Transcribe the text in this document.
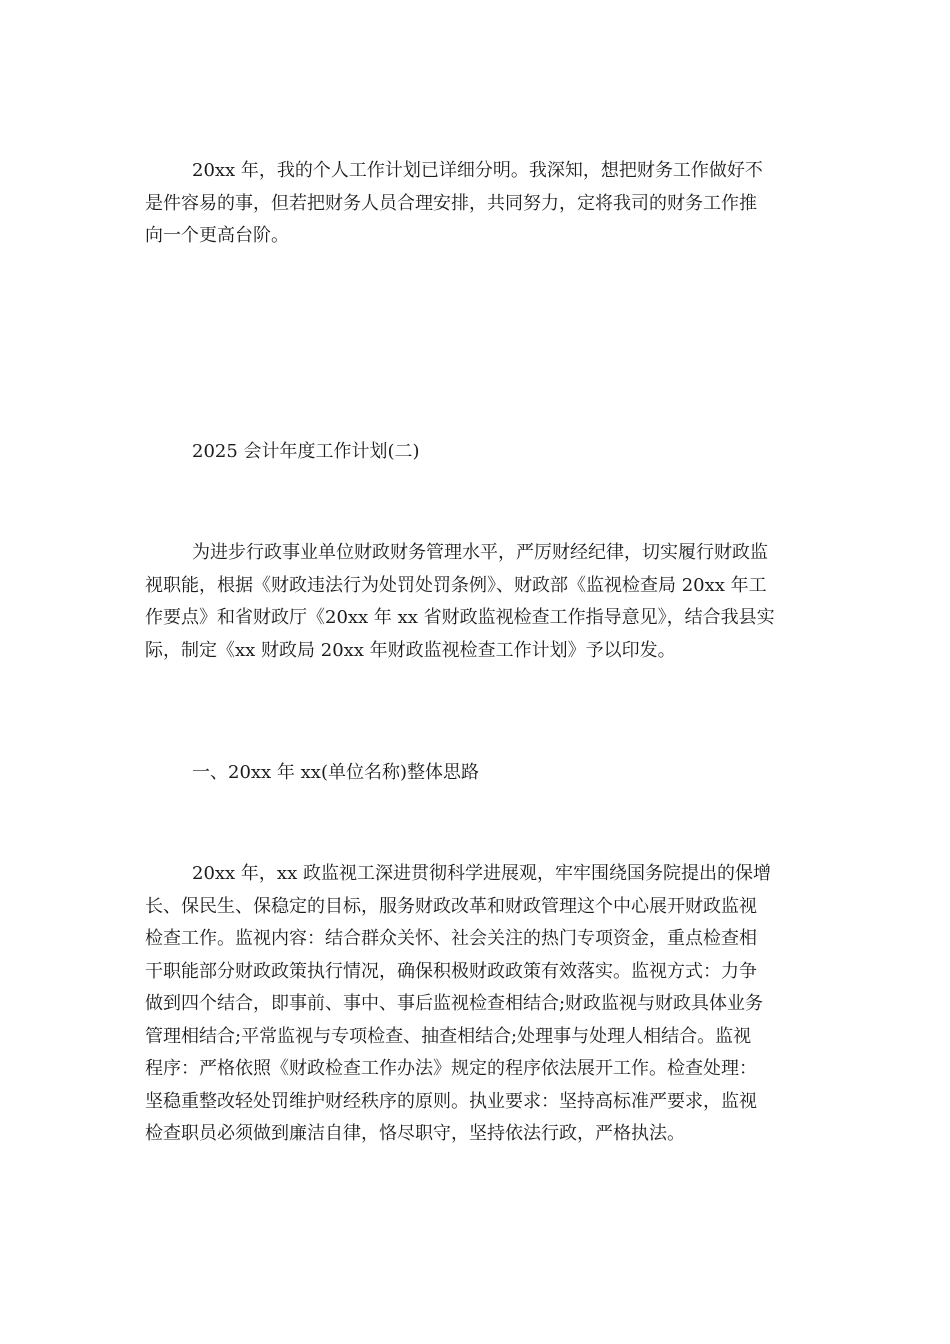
20xx 年，我的个人工作计划已详细分明。我深知，想把财务工作做好不
是件容易的事，但若把财务人员合理安排，共同努力，定将我司的财务工作推
向一个更高台阶。
2025 会计年度工作计划(二)
为进步行政事业单位财政财务管理水平，严厉财经纪律，切实履行财政监
视职能，根据《财政违法行为处罚处罚条例》、财政部《监视检查局 20xx 年工
作要点》和省财政厅《20xx 年 xx 省财政监视检查工作指导意见》，结合我县实
际，制定《xx 财政局 20xx 年财政监视检查工作计划》予以印发。
一、20xx 年 xx(单位名称)整体思路
20xx 年，xx 政监视工深进贯彻科学进展观，牢牢围绕国务院提出的保增
长、保民生、保稳定的目标，服务财政改革和财政管理这个中心展开财政监视
检查工作。监视内容：结合群众关怀、社会关注的热门专项资金，重点检查相
干职能部分财政政策执行情况，确保积极财政政策有效落实。监视方式：力争
做到四个结合，即事前、事中、事后监视检查相结合;财政监视与财政具体业务
管理相结合;平常监视与专项检查、抽查相结合;处理事与处理人相结合。监视
程序：严格依照《财政检查工作办法》规定的程序依法展开工作。检查处理：
坚稳重整改轻处罚维护财经秩序的原则。执业要求：坚持高标准严要求，监视
检查职员必须做到廉洁自律，恪尽职守，坚持依法行政，严格执法。
